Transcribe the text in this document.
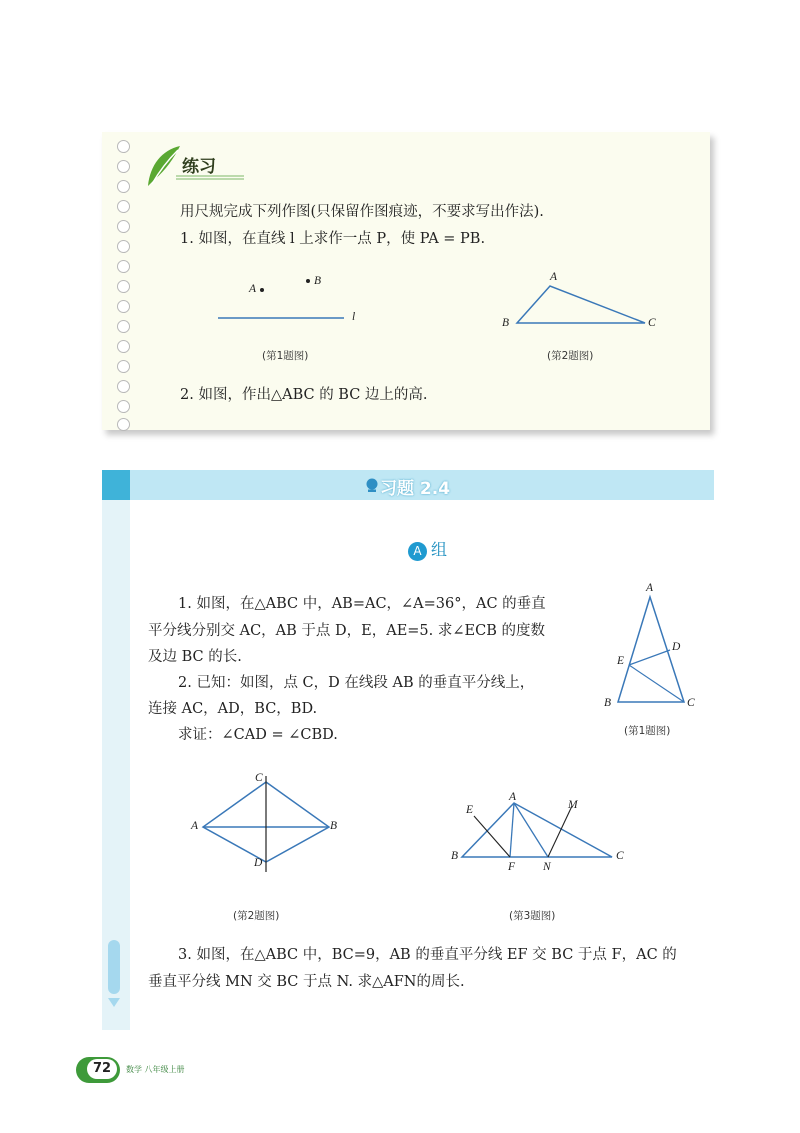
练习
用尺规完成下列作图(只保留作图痕迹，不要求写出作法).
1. 如图，在直线 l 上求作一点 P，使 PA = PB.
A
B
l
(第1题图)
A
B	C
(第2题图)
2. 如图，作出△ABC 的 BC 边上的高.
习题 2.4
A 组
1. 如图，在△ABC 中，AB=AC，∠A=36°，AC 的垂直
平分线分别交 AC，AB 于点 D，E，AE=5. 求∠ECB 的度数
及边 BC 的长.
2. 已知：如图，点 C，D 在线段 AB 的垂直平分线上，
连接 AC，AD，BC，BD.
求证：∠CAD = ∠CBD.
A
D
E
B	C
(第1题图)
C
A	B
D
(第2题图)
A
E	M
B
F N
C
(第3题图)
3. 如图，在△ABC 中，BC=9，AB 的垂直平分线 EF 交 BC 于点 F，AC 的
垂直平分线 MN 交 BC 于点 N. 求△AFN的周长.
72	数学 八年级上册
